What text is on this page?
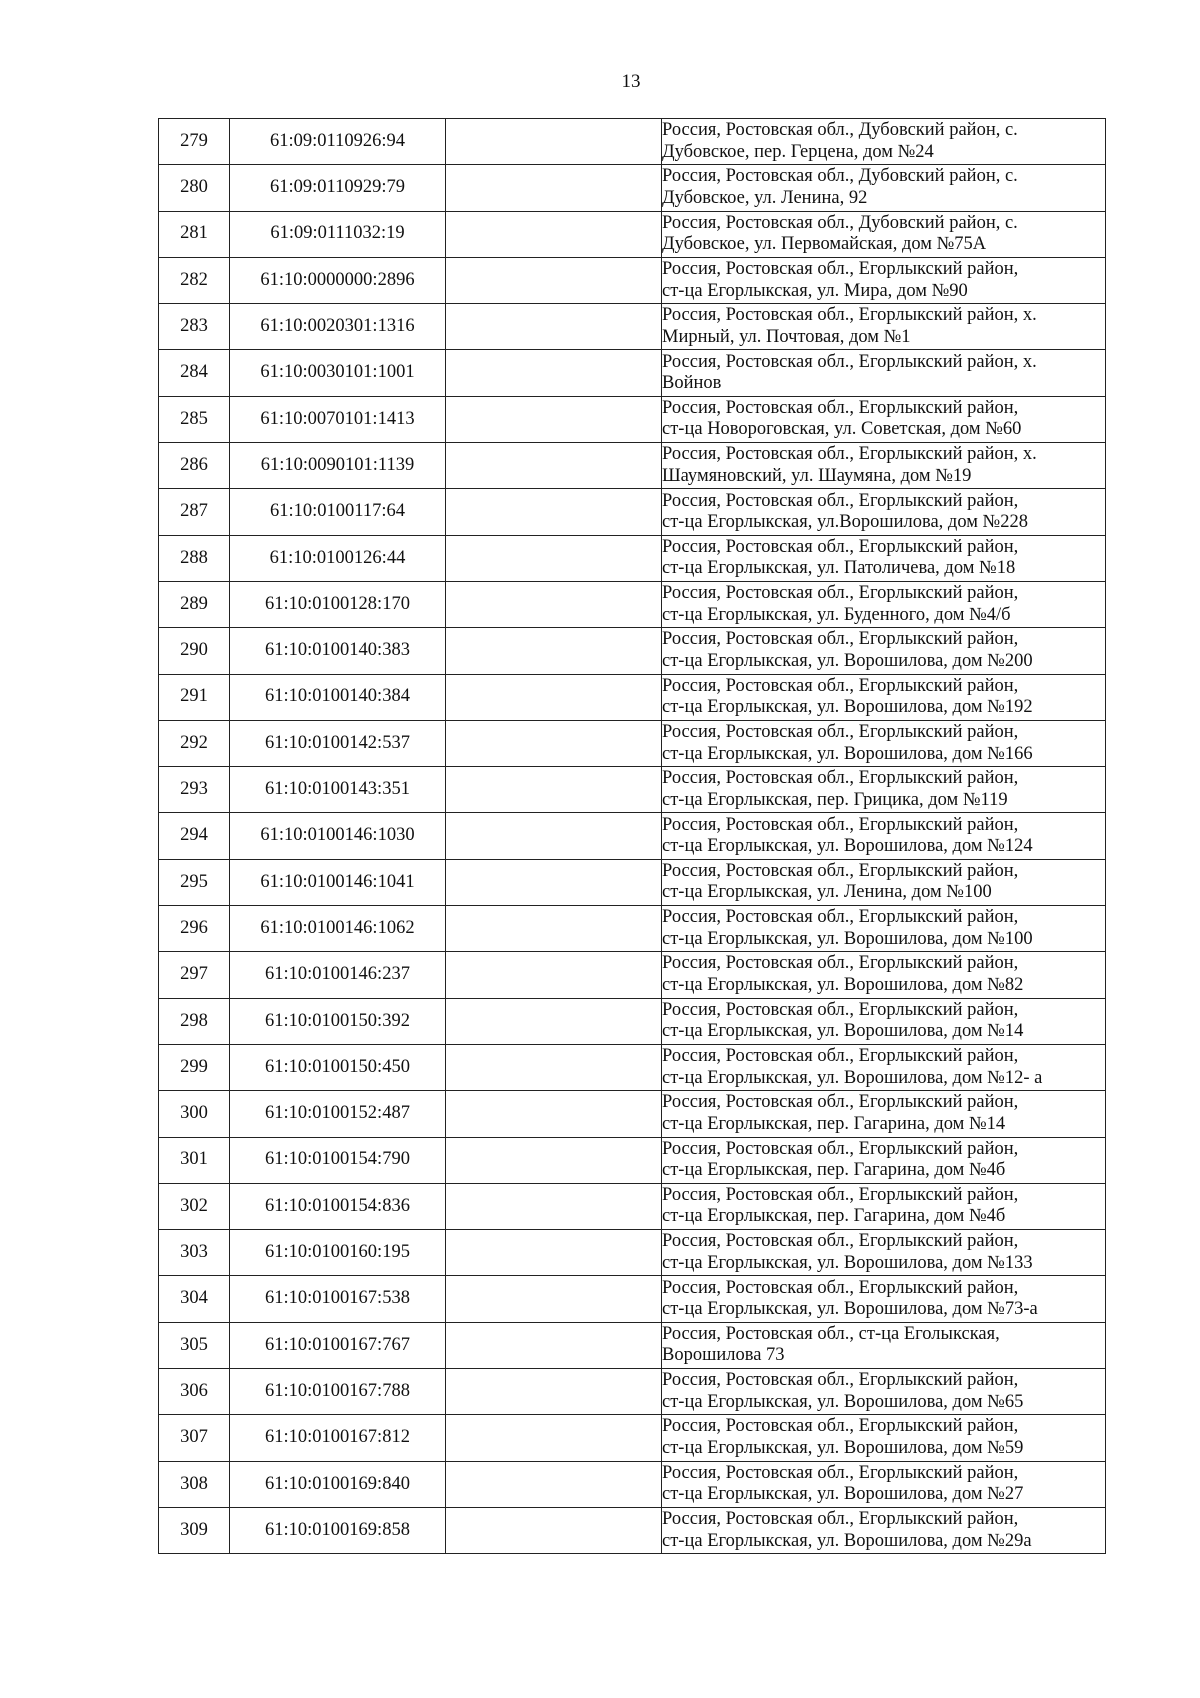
13
279	61:09:0110926:94		Россия, Ростовская обл., Дубовский район, с.
Дубовское, пер. Герцена, дом №24

280	61:09:0110929:79		Россия, Ростовская обл., Дубовский район, с.
Дубовское, ул. Ленина, 92

281	61:09:0111032:19		Россия, Ростовская обл., Дубовский район, с.
Дубовское, ул. Первомайская, дом №75А

282	61:10:0000000:2896		Россия, Ростовская обл., Егорлыкский район,
ст-ца Егорлыкская, ул. Мира, дом №90

283	61:10:0020301:1316		Россия, Ростовская обл., Егорлыкский район, х.
Мирный, ул. Почтовая, дом №1

284	61:10:0030101:1001		Россия, Ростовская обл., Егорлыкский район, х.
Войнов

285	61:10:0070101:1413		Россия, Ростовская обл., Егорлыкский район,
ст-ца Новороговская, ул. Советская, дом №60

286	61:10:0090101:1139		Россия, Ростовская обл., Егорлыкский район, х.
Шаумяновский, ул. Шаумяна, дом №19

287	61:10:0100117:64		Россия, Ростовская обл., Егорлыкский район,
ст-ца Егорлыкская, ул.Ворошилова, дом №228

288	61:10:0100126:44		Россия, Ростовская обл., Егорлыкский район,
ст-ца Егорлыкская, ул. Патоличева, дом №18

289	61:10:0100128:170		Россия, Ростовская обл., Егорлыкский район,
ст-ца Егорлыкская, ул. Буденного, дом №4/б

290	61:10:0100140:383		Россия, Ростовская обл., Егорлыкский район,
ст-ца Егорлыкская, ул. Ворошилова, дом №200

291	61:10:0100140:384		Россия, Ростовская обл., Егорлыкский район,
ст-ца Егорлыкская, ул. Ворошилова, дом №192

292	61:10:0100142:537		Россия, Ростовская обл., Егорлыкский район,
ст-ца Егорлыкская, ул. Ворошилова, дом №166

293	61:10:0100143:351		Россия, Ростовская обл., Егорлыкский район,
ст-ца Егорлыкская, пер. Грицика, дом №119

294	61:10:0100146:1030		Россия, Ростовская обл., Егорлыкский район,
ст-ца Егорлыкская, ул. Ворошилова, дом №124

295	61:10:0100146:1041		Россия, Ростовская обл., Егорлыкский район,
ст-ца Егорлыкская, ул. Ленина, дом №100

296	61:10:0100146:1062		Россия, Ростовская обл., Егорлыкский район,
ст-ца Егорлыкская, ул. Ворошилова, дом №100

297	61:10:0100146:237		Россия, Ростовская обл., Егорлыкский район,
ст-ца Егорлыкская, ул. Ворошилова, дом №82

298	61:10:0100150:392		Россия, Ростовская обл., Егорлыкский район,
ст-ца Егорлыкская, ул. Ворошилова, дом №14

299	61:10:0100150:450		Россия, Ростовская обл., Егорлыкский район,
ст-ца Егорлыкская, ул. Ворошилова, дом №12- а

300	61:10:0100152:487		Россия, Ростовская обл., Егорлыкский район,
ст-ца Егорлыкская, пер. Гагарина, дом №14

301	61:10:0100154:790		Россия, Ростовская обл., Егорлыкский район,
ст-ца Егорлыкская, пер. Гагарина, дом №4б

302	61:10:0100154:836		Россия, Ростовская обл., Егорлыкский район,
ст-ца Егорлыкская, пер. Гагарина, дом №4б

303	61:10:0100160:195		Россия, Ростовская обл., Егорлыкский район,
ст-ца Егорлыкская, ул. Ворошилова, дом №133

304	61:10:0100167:538		Россия, Ростовская обл., Егорлыкский район,
ст-ца Егорлыкская, ул. Ворошилова, дом №73-а

305	61:10:0100167:767		Россия, Ростовская обл., ст-ца Еголыкская,
Ворошилова 73

306	61:10:0100167:788		Россия, Ростовская обл., Егорлыкский район,
ст-ца Егорлыкская, ул. Ворошилова, дом №65

307	61:10:0100167:812		Россия, Ростовская обл., Егорлыкский район,
ст-ца Егорлыкская, ул. Ворошилова, дом №59

308	61:10:0100169:840		Россия, Ростовская обл., Егорлыкский район,
ст-ца Егорлыкская, ул. Ворошилова, дом №27

309	61:10:0100169:858		Россия, Ростовская обл., Егорлыкский район,
ст-ца Егорлыкская, ул. Ворошилова, дом №29а
